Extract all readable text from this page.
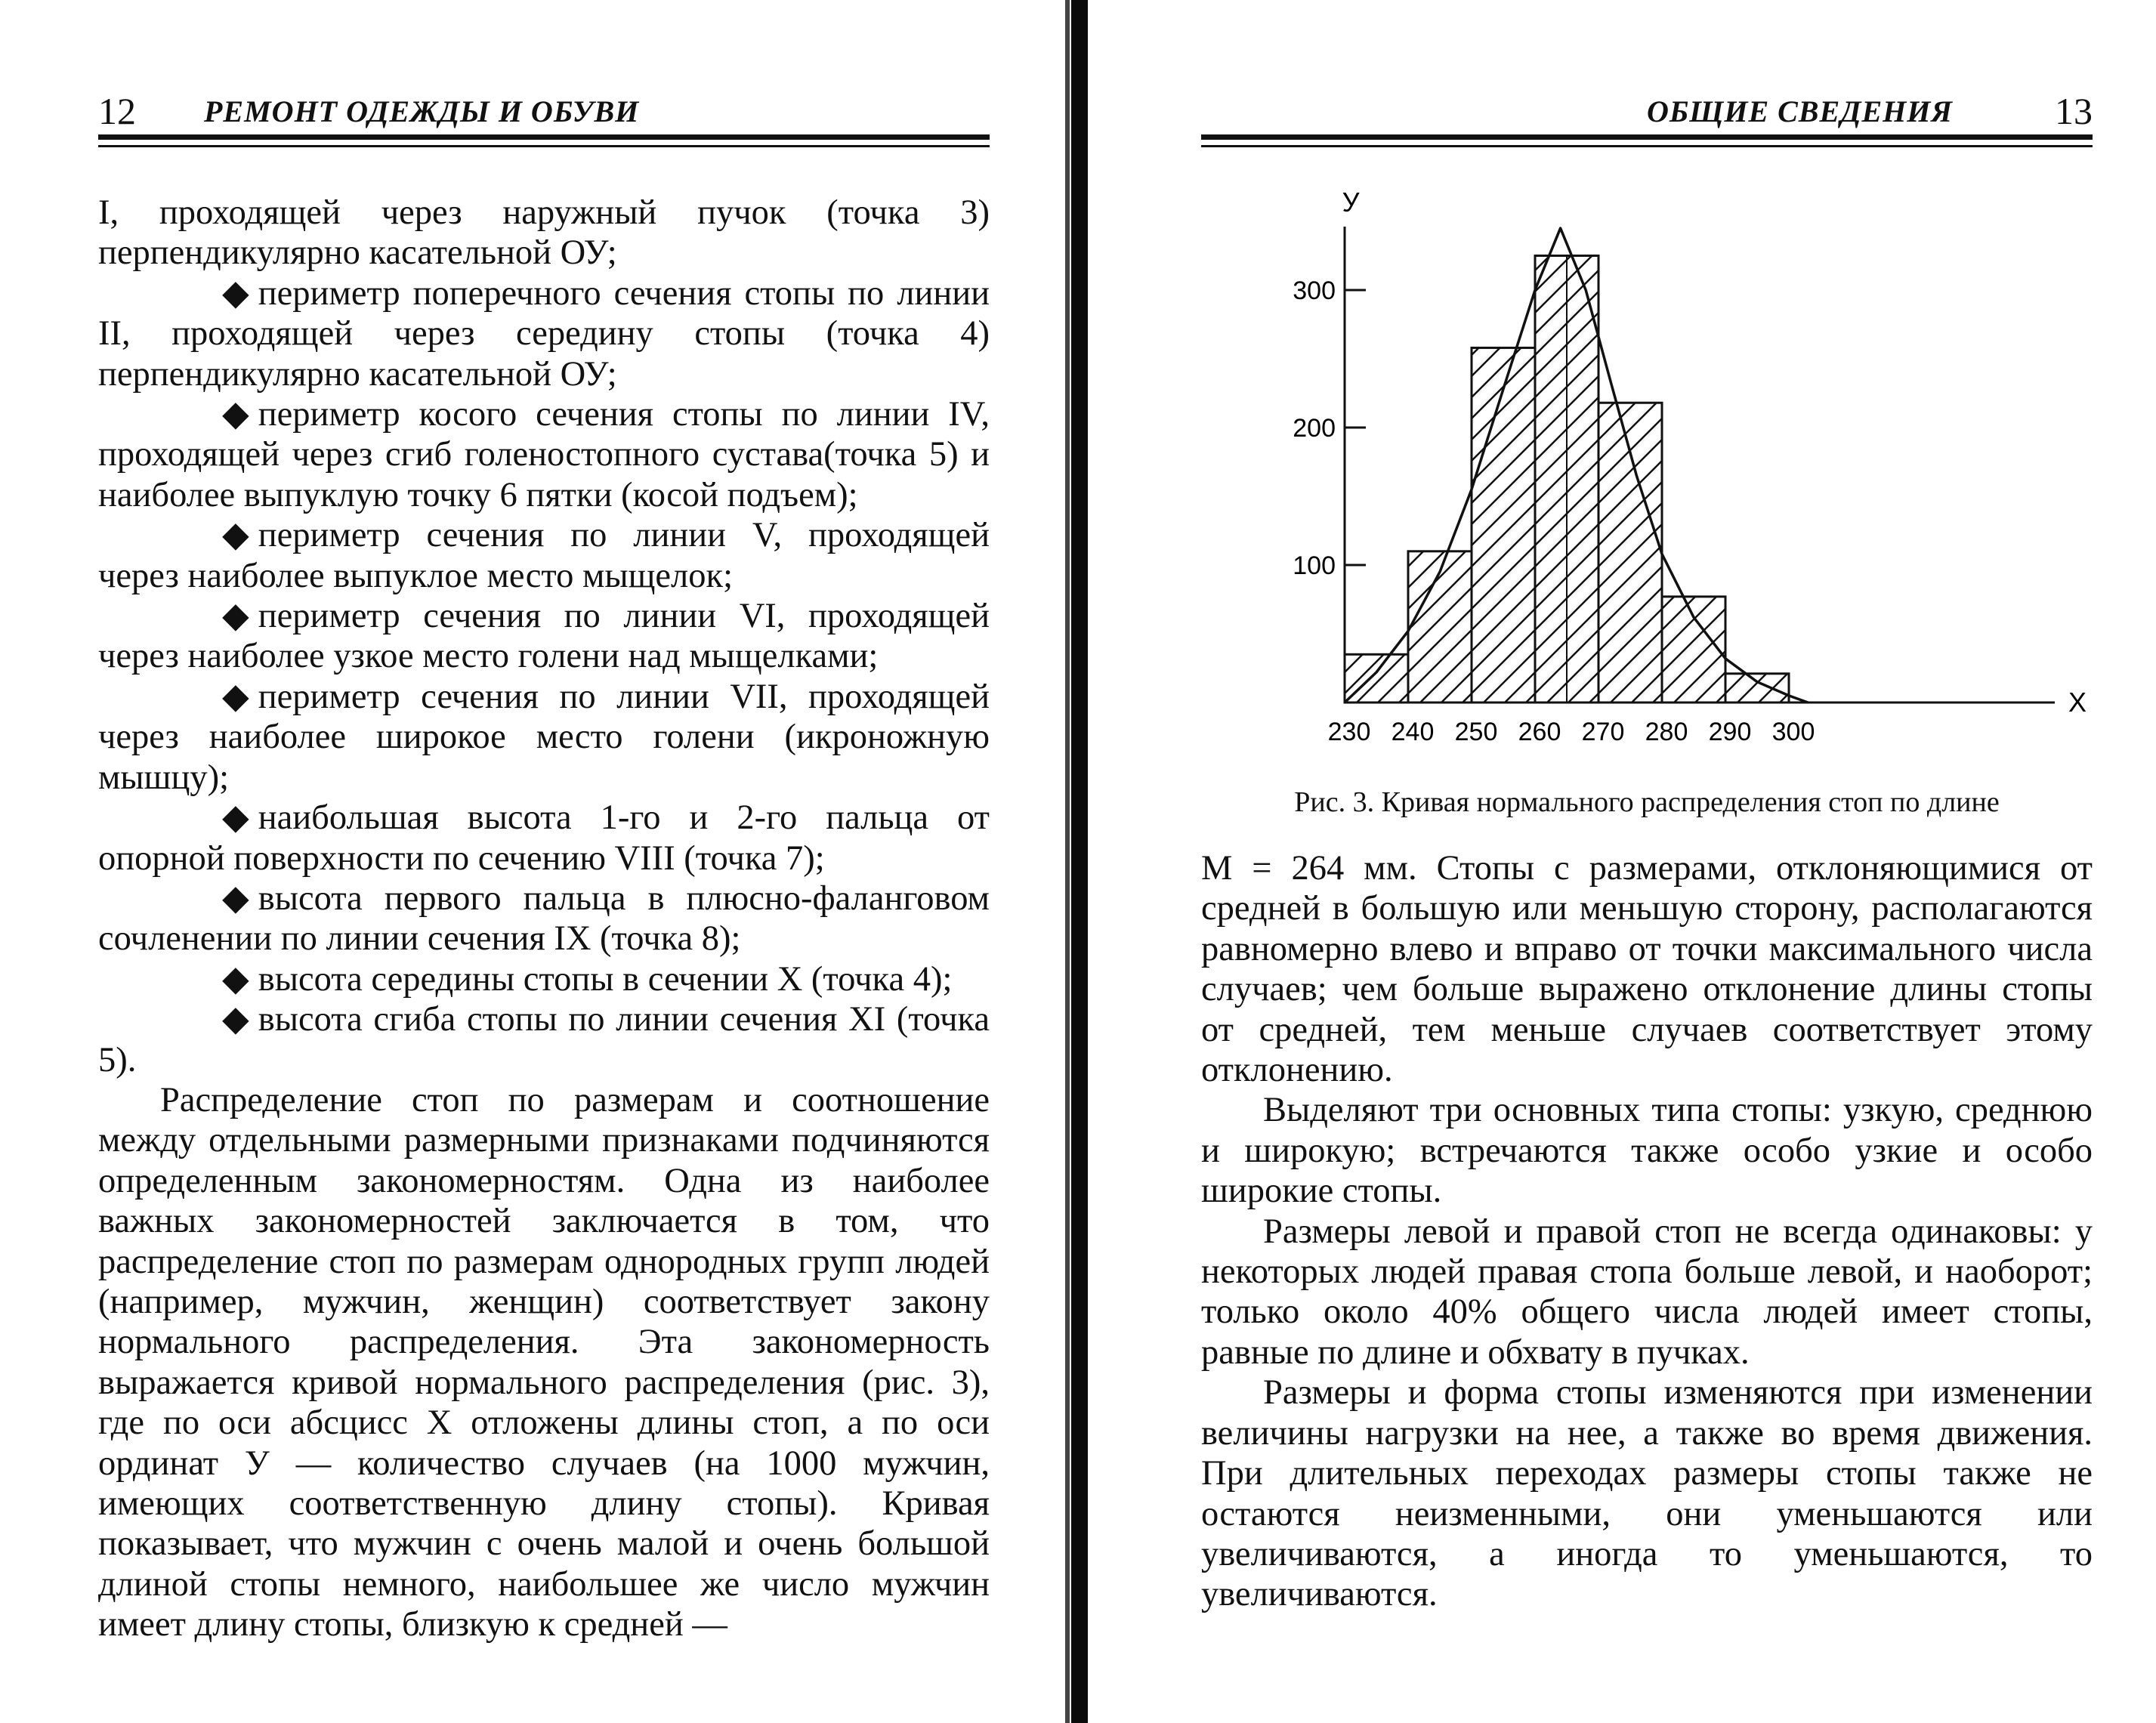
12 РЕМОНТ ОДЕЖДЫ И ОБУВИ

I, проходящей через наружный пучок (точка 3) перпендикулярно касательной ОУ;

◆ периметр поперечного сечения стопы по линии II, проходящей через середину стопы (точка 4) перпендикулярно касательной ОУ;

◆ периметр косого сечения стопы по линии IV, проходящей через сгиб голеностопного сустава(точка 5) и наиболее выпуклую точку 6 пятки (косой подъем);

◆ периметр сечения по линии V, проходящей через наиболее выпуклое место мыщелок;

◆ периметр сечения по линии VI, проходящей через наиболее узкое место голени над мыщелками;

◆ периметр сечения по линии VII, проходящей через наиболее широкое место голени (икроножную мышцу);

◆ наибольшая высота 1-го и 2-го пальца от опорной поверхности по сечению VIII (точка 7);

◆ высота первого пальца в плюсно-фаланговом сочленении по линии сечения IX (точка 8);

◆ высота середины стопы в сечении X (точка 4);

◆ высота сгиба стопы по линии сечения XI (точка 5).

Распределение стоп по размерам и соотношение между отдельными размерными признаками подчиняются определенным закономерностям. Одна из наиболее важных закономерностей заключается в том, что распределение стоп по размерам однородных групп людей (например, мужчин, женщин) соответствует закону нормального распределения. Эта закономерность выражается кривой нормального распределения (рис. 3), где по оси абсцисс Х отложены длины стоп, а по оси ординат У — количество случаев (на 1000 мужчин, имеющих соответственную длину стопы). Кривая показывает, что мужчин с очень малой и очень большой длиной стопы немного, наибольшее же число мужчин имеет длину стопы, близкую к средней —

ОБЩИЕ СВЕДЕНИЯ	13
Рис. 3. Кривая нормального распределения стоп по длине

М = 264 мм. Стопы с размерами, отклоняющимися от средней в большую или меньшую сторону, располагаются равномерно влево и вправо от точки максимального числа случаев; чем больше выражено отклонение длины стопы от средней, тем меньше случаев соответствует этому отклонению.

Выделяют три основных типа стопы: узкую, среднюю и широкую; встречаются также особо узкие и особо широкие стопы.

Размеры левой и правой стоп не всегда одинаковы: у некоторых людей правая стопа больше левой, и наоборот; только около 40% общего числа людей имеет стопы, равные по длине и обхвату в пучках.

Размеры и форма стопы изменяются при изменении величины нагрузки на нее, а также во время движения. При длительных переходах размеры стопы также не остаются неизменными, они уменьшаются или увеличиваются, а иногда то уменьшаются, то увеличиваются.

100
200
300
230 240 250 260 270 280 290 300
У
Х
